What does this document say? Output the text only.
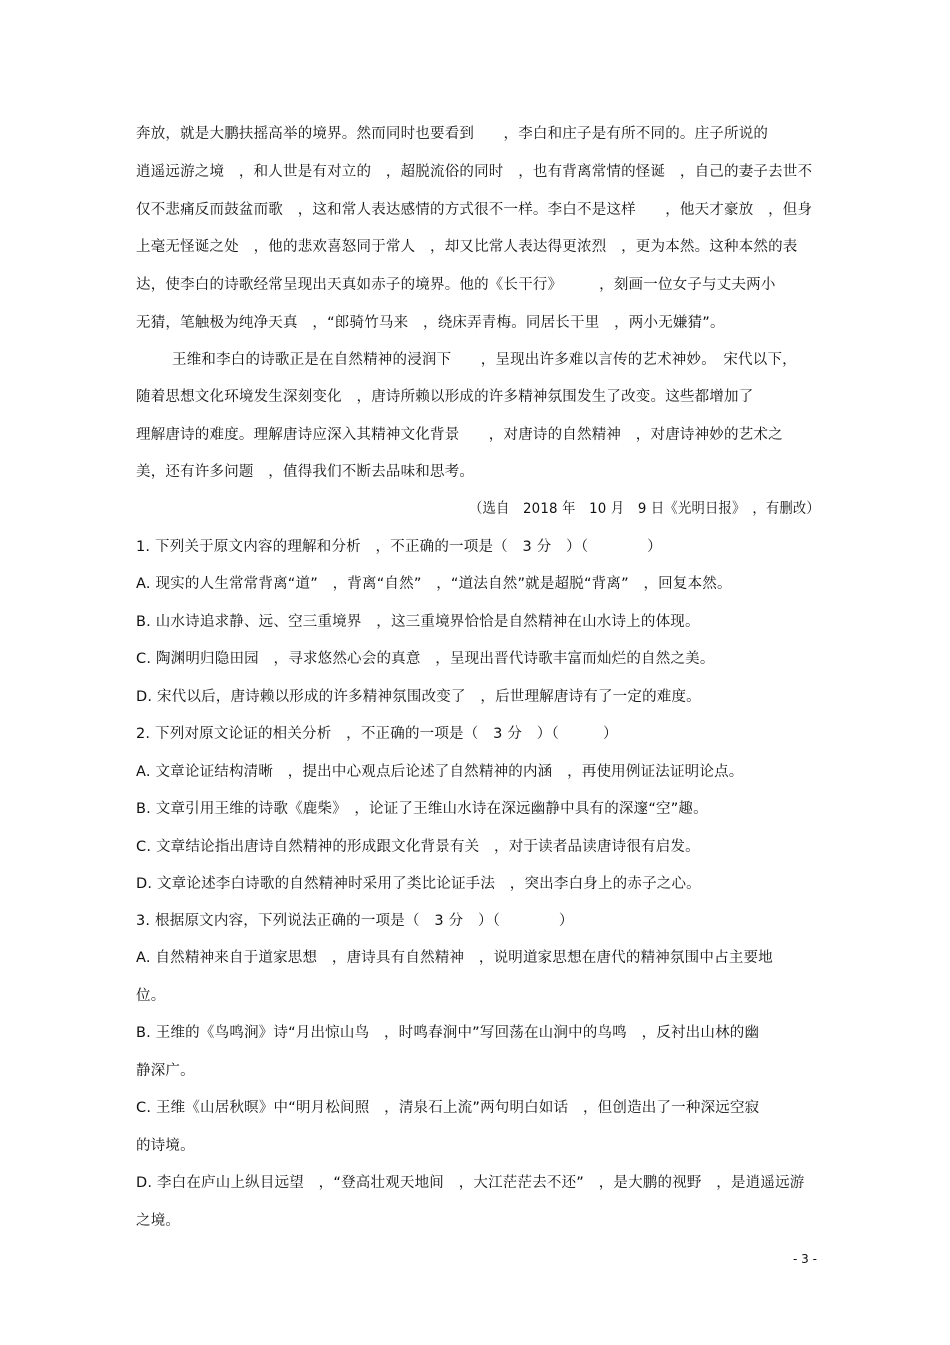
奔放，就是大鹏扶摇高举的境界。然而同时也要看到　　，李白和庄子是有所不同的。庄子所说的
逍遥远游之境　，和人世是有对立的　，超脱流俗的同时　，也有背离常情的怪诞　，自己的妻子去世不
仅不悲痛反而鼓盆而歌　，这和常人表达感情的方式很不一样。李白不是这样　　，他天才豪放　，但身
上毫无怪诞之处　，他的悲欢喜怒同于常人　，却又比常人表达得更浓烈　，更为本然。这种本然的表
达，使李白的诗歌经常呈现出天真如赤子的境界。他的《长干行》　　　，刻画一位女子与丈夫两小
无猜，笔触极为纯净天真　，“郎骑竹马来　，绕床弄青梅。同居长干里　，两小无嫌猜”。
王维和李白的诗歌正是在自然精神的浸润下　　，呈现出许多难以言传的艺术神妙。　宋代以下，
随着思想文化环境发生深刻变化　，唐诗所赖以形成的许多精神氛围发生了改变。这些都增加了
理解唐诗的难度。理解唐诗应深入其精神文化背景　　，对唐诗的自然精神　，对唐诗神妙的艺术之
美，还有许多问题　，值得我们不断去品味和思考。
（选自　2018 年　10 月　9 日《光明日报》　，有删改）
1. 下列关于原文内容的理解和分析　，不正确的一项是（　3 分　）（　　　　）
A. 现实的人生常常背离“道”　，背离“自然”　，“道法自然”就是超脱“背离”　，回复本然。
B. 山水诗追求静、远、空三重境界　，这三重境界恰恰是自然精神在山水诗上的体现。
C. 陶渊明归隐田园　，寻求悠然心会的真意　，呈现出晋代诗歌丰富而灿烂的自然之美。
D. 宋代以后，唐诗赖以形成的许多精神氛围改变了　，后世理解唐诗有了一定的难度。
2. 下列对原文论证的相关分析　，不正确的一项是（　3 分　）（　　　）
A. 文章论证结构清晰　，提出中心观点后论述了自然精神的内涵　，再使用例证法证明论点。
B. 文章引用王维的诗歌《鹿柴》　，论证了王维山水诗在深远幽静中具有的深邃“空”趣。
C. 文章结论指出唐诗自然精神的形成跟文化背景有关　，对于读者品读唐诗很有启发。
D. 文章论述李白诗歌的自然精神时采用了类比论证手法　，突出李白身上的赤子之心。
3. 根据原文内容，下列说法正确的一项是（　3 分　）（　　　　）
A. 自然精神来自于道家思想　，唐诗具有自然精神　，说明道家思想在唐代的精神氛围中占主要地
位。
B. 王维的《鸟鸣涧》诗“月出惊山鸟　，时鸣春涧中”写回荡在山涧中的鸟鸣　，反衬出山林的幽
静深广。
C. 王维《山居秋暝》中“明月松间照　，清泉石上流”两句明白如话　，但创造出了一种深远空寂
的诗境。
D. 李白在庐山上纵目远望　，“登高壮观天地间　，大江茫茫去不还”　，是大鹏的视野　，是逍遥远游
之境。
- 3 -
